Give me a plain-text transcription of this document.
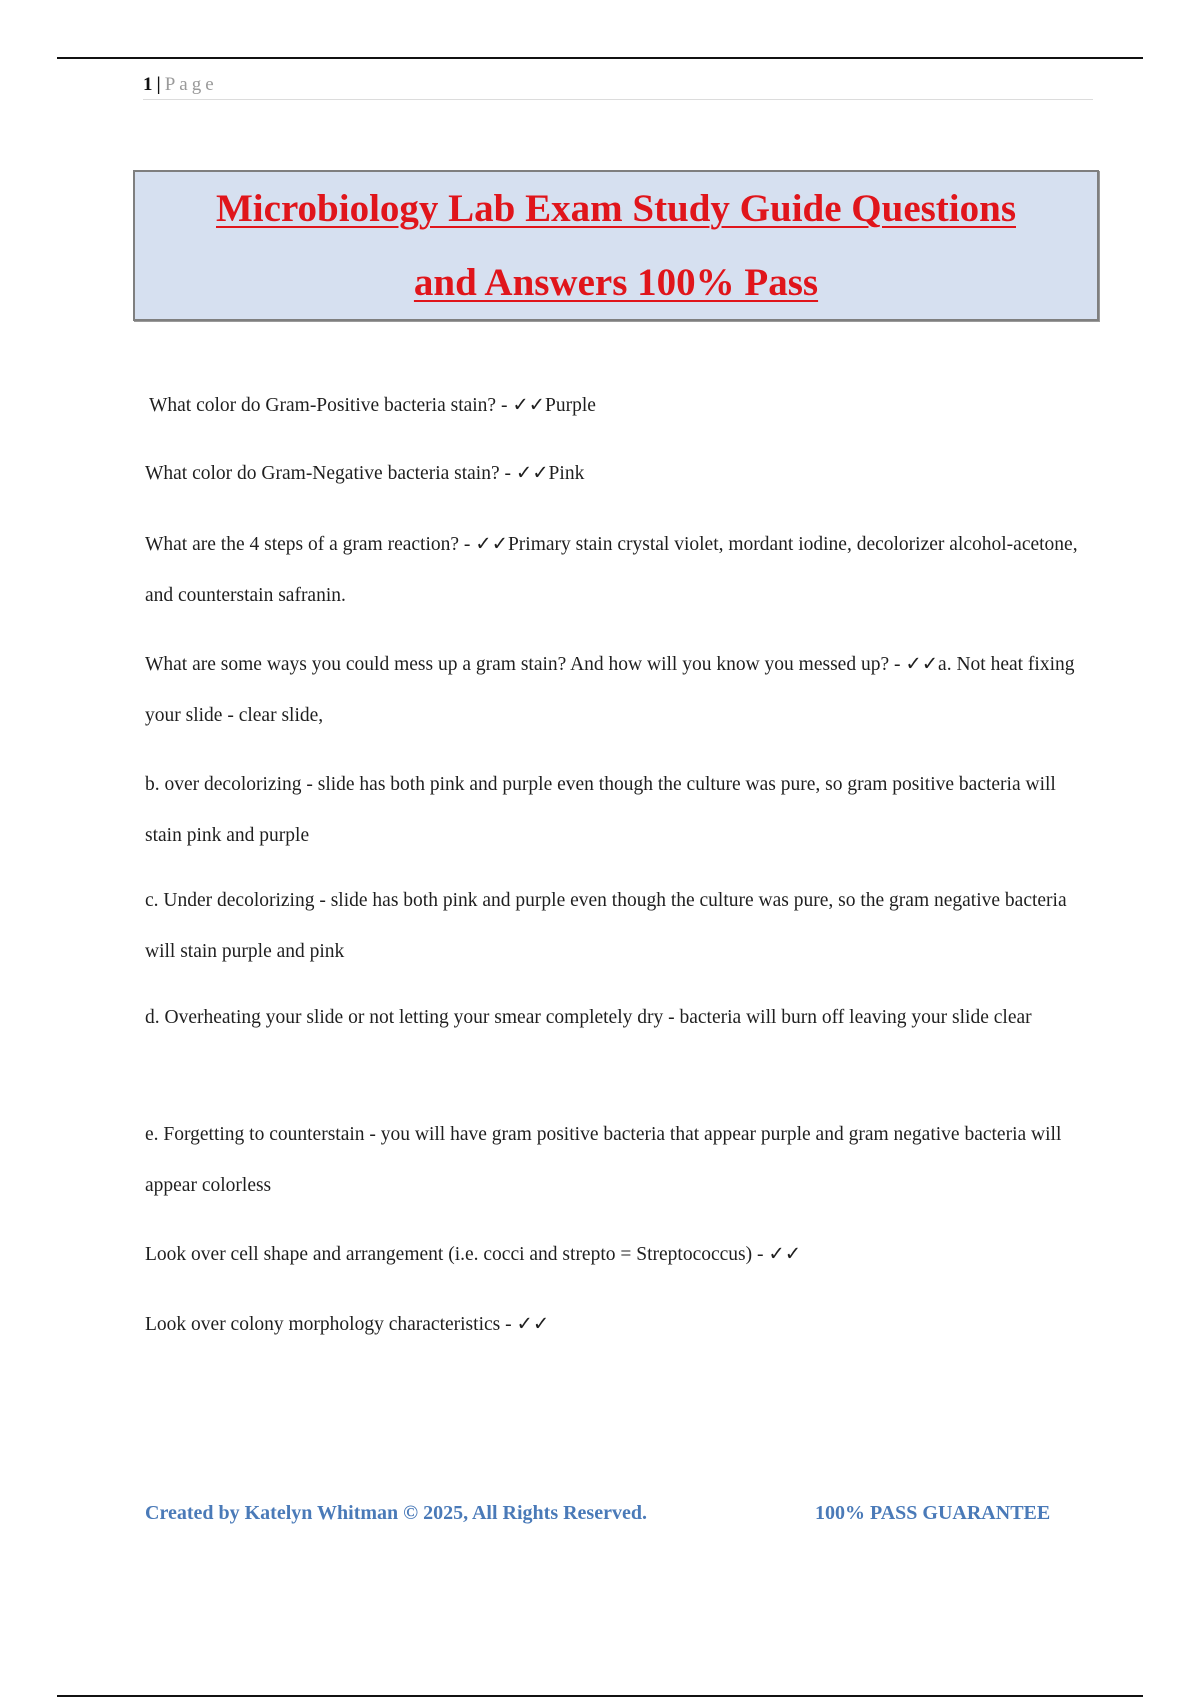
1 | Page
Microbiology Lab Exam Study Guide Questions
and Answers 100% Pass

What color do Gram-Positive bacteria stain? - ✓✓Purple

What color do Gram-Negative bacteria stain? - ✓✓Pink

What are the 4 steps of a gram reaction? - ✓✓Primary stain crystal violet, mordant iodine, decolorizer alcohol-acetone, and counterstain safranin.

What are some ways you could mess up a gram stain? And how will you know you messed up? - ✓✓a. Not heat fixing your slide - clear slide,

b. over decolorizing - slide has both pink and purple even though the culture was pure, so gram positive bacteria will stain pink and purple

c. Under decolorizing - slide has both pink and purple even though the culture was pure, so the gram negative bacteria will stain purple and pink

d. Overheating your slide or not letting your smear completely dry - bacteria will burn off leaving your slide clear

e. Forgetting to counterstain - you will have gram positive bacteria that appear purple and gram negative bacteria will appear colorless

Look over cell shape and arrangement (i.e. cocci and strepto = Streptococcus) - ✓✓

Look over colony morphology characteristics - ✓✓

Created by Katelyn Whitman © 2025, All Rights Reserved.	100% PASS GUARANTEE
